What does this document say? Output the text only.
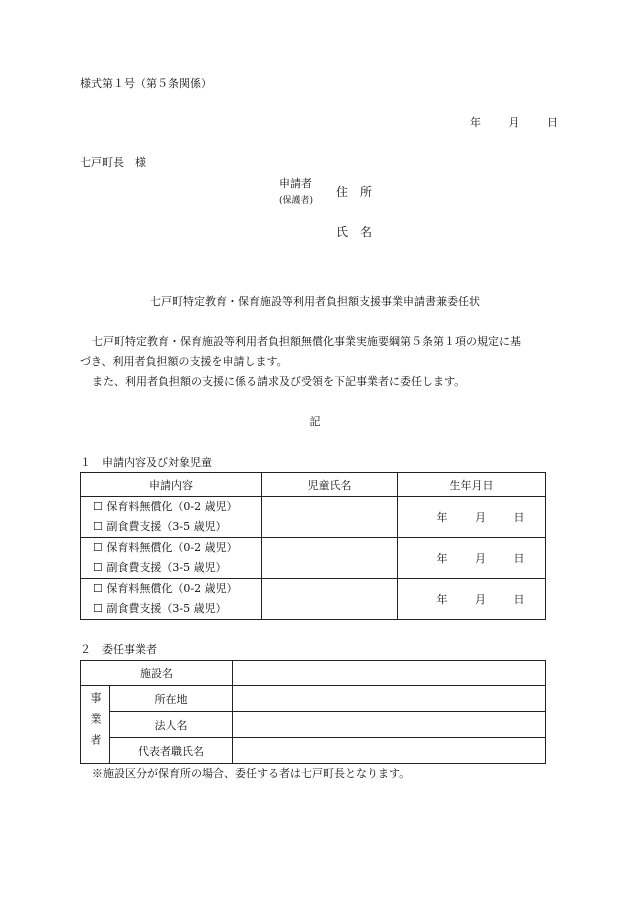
様式第１号（第５条関係）
年	月	日
七戸町長　様
申請者
(保護者)
住　所
氏　名
七戸町特定教育・保育施設等利用者負担額支援事業申請書兼委任状
七戸町特定教育・保育施設等利用者負担額無償化事業実施要綱第５条第１項の規定に基
づき、利用者負担額の支援を申請します。
また、利用者負担額の支援に係る請求及び受領を下記事業者に委任します。
記
１　申請内容及び対象児童
申請内容	児童氏名	生年月日

☐ 保育料無償化（0-2 歳児）
☐ 副食費支援（3-5 歳児）		年 月 日

☐ 保育料無償化（0-2 歳児）
☐ 副食費支援（3-5 歳児）		年 月 日

☐ 保育料無償化（0-2 歳児）
☐ 副食費支援（3-5 歳児）		年 月 日
２　委任事業者
施設名		
事業者	所在地	
	法人名	
	代表者職氏名	
※施設区分が保育所の場合、委任する者は七戸町長となります。
